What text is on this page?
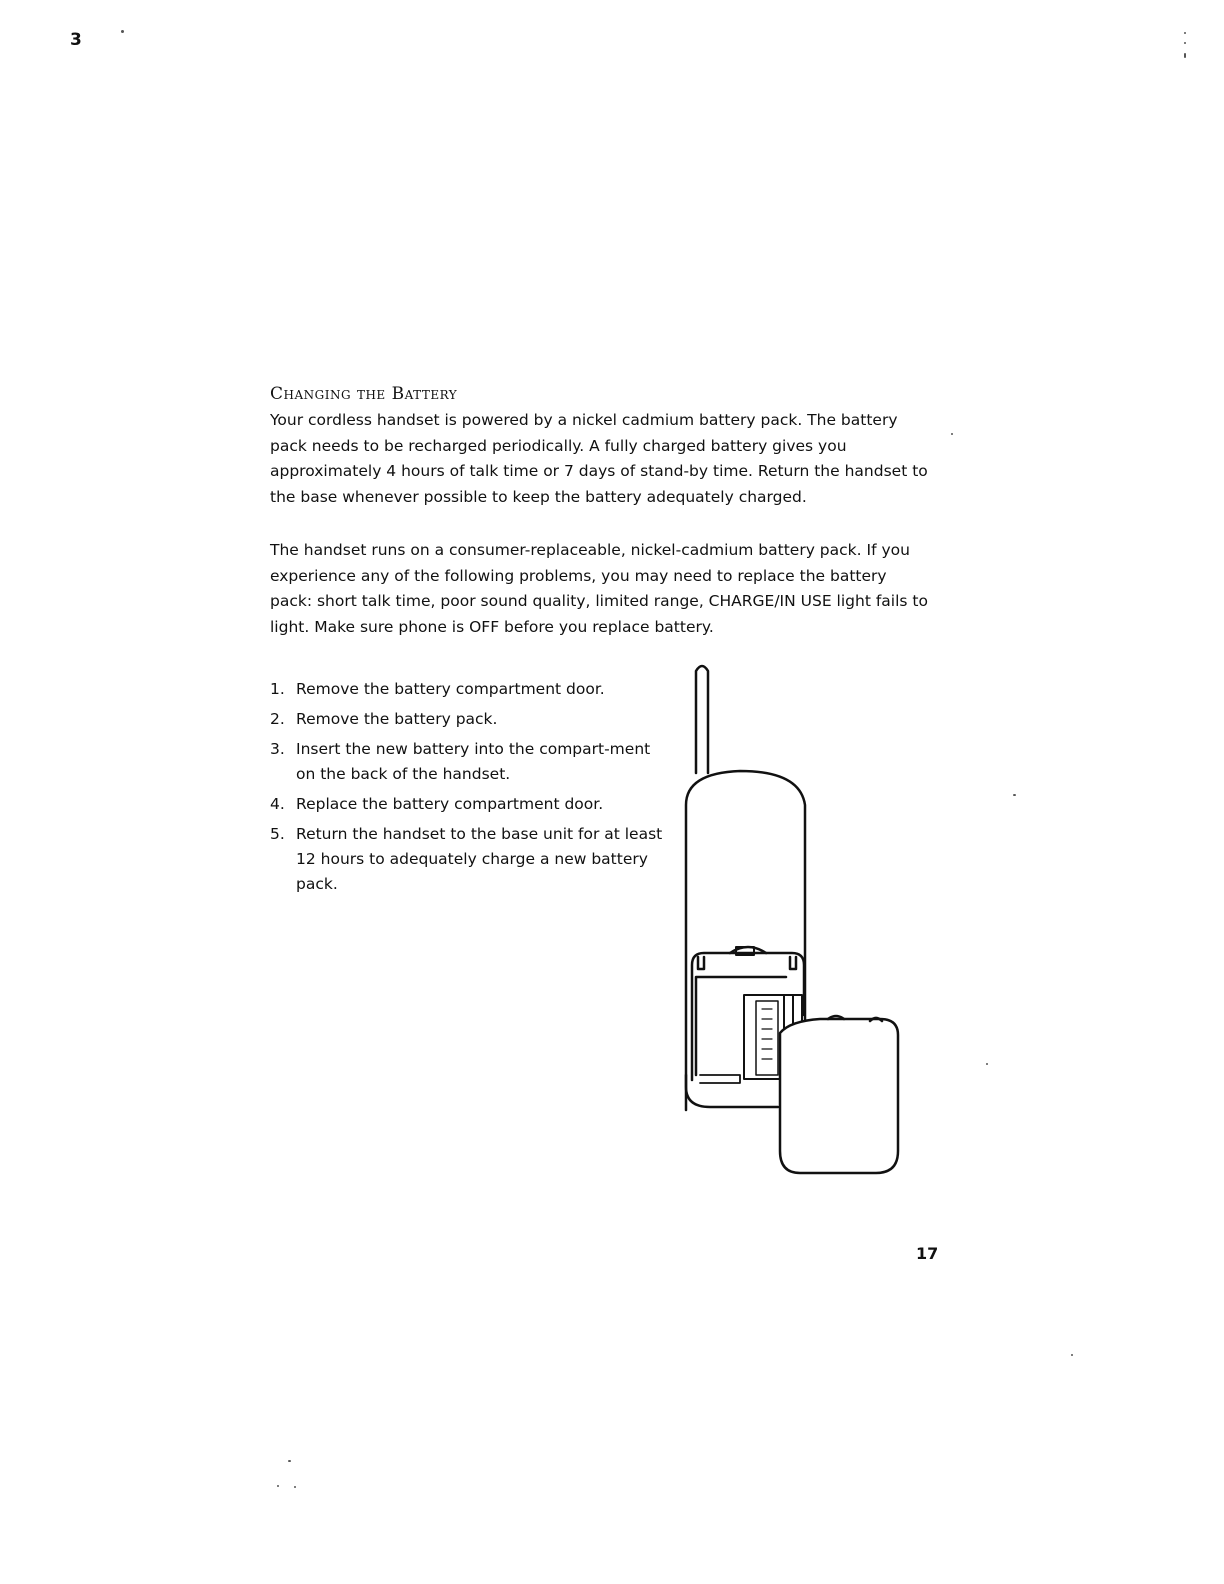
3
Changing the Battery

Your cordless handset is powered by a nickel cadmium battery pack. The battery pack needs to be recharged periodically. A fully charged battery gives you approximately 4 hours of talk time or 7 days of stand-by time. Return the handset to the base whenever possible to keep the battery adequately charged.

The handset runs on a consumer-replaceable, nickel-cadmium battery pack. If you experience any of the following problems, you may need to replace the battery pack: short talk time, poor sound quality, limited range, CHARGE/IN USE light fails to light. Make sure phone is OFF before you replace battery.

1. Remove the battery compartment door.
2. Remove the battery pack.
3. Insert the new battery into the compart-ment on the back of the handset.
4. Replace the battery compartment door.
5. Return the handset to the base unit for at least 12 hours to adequately charge a new battery pack.
17
